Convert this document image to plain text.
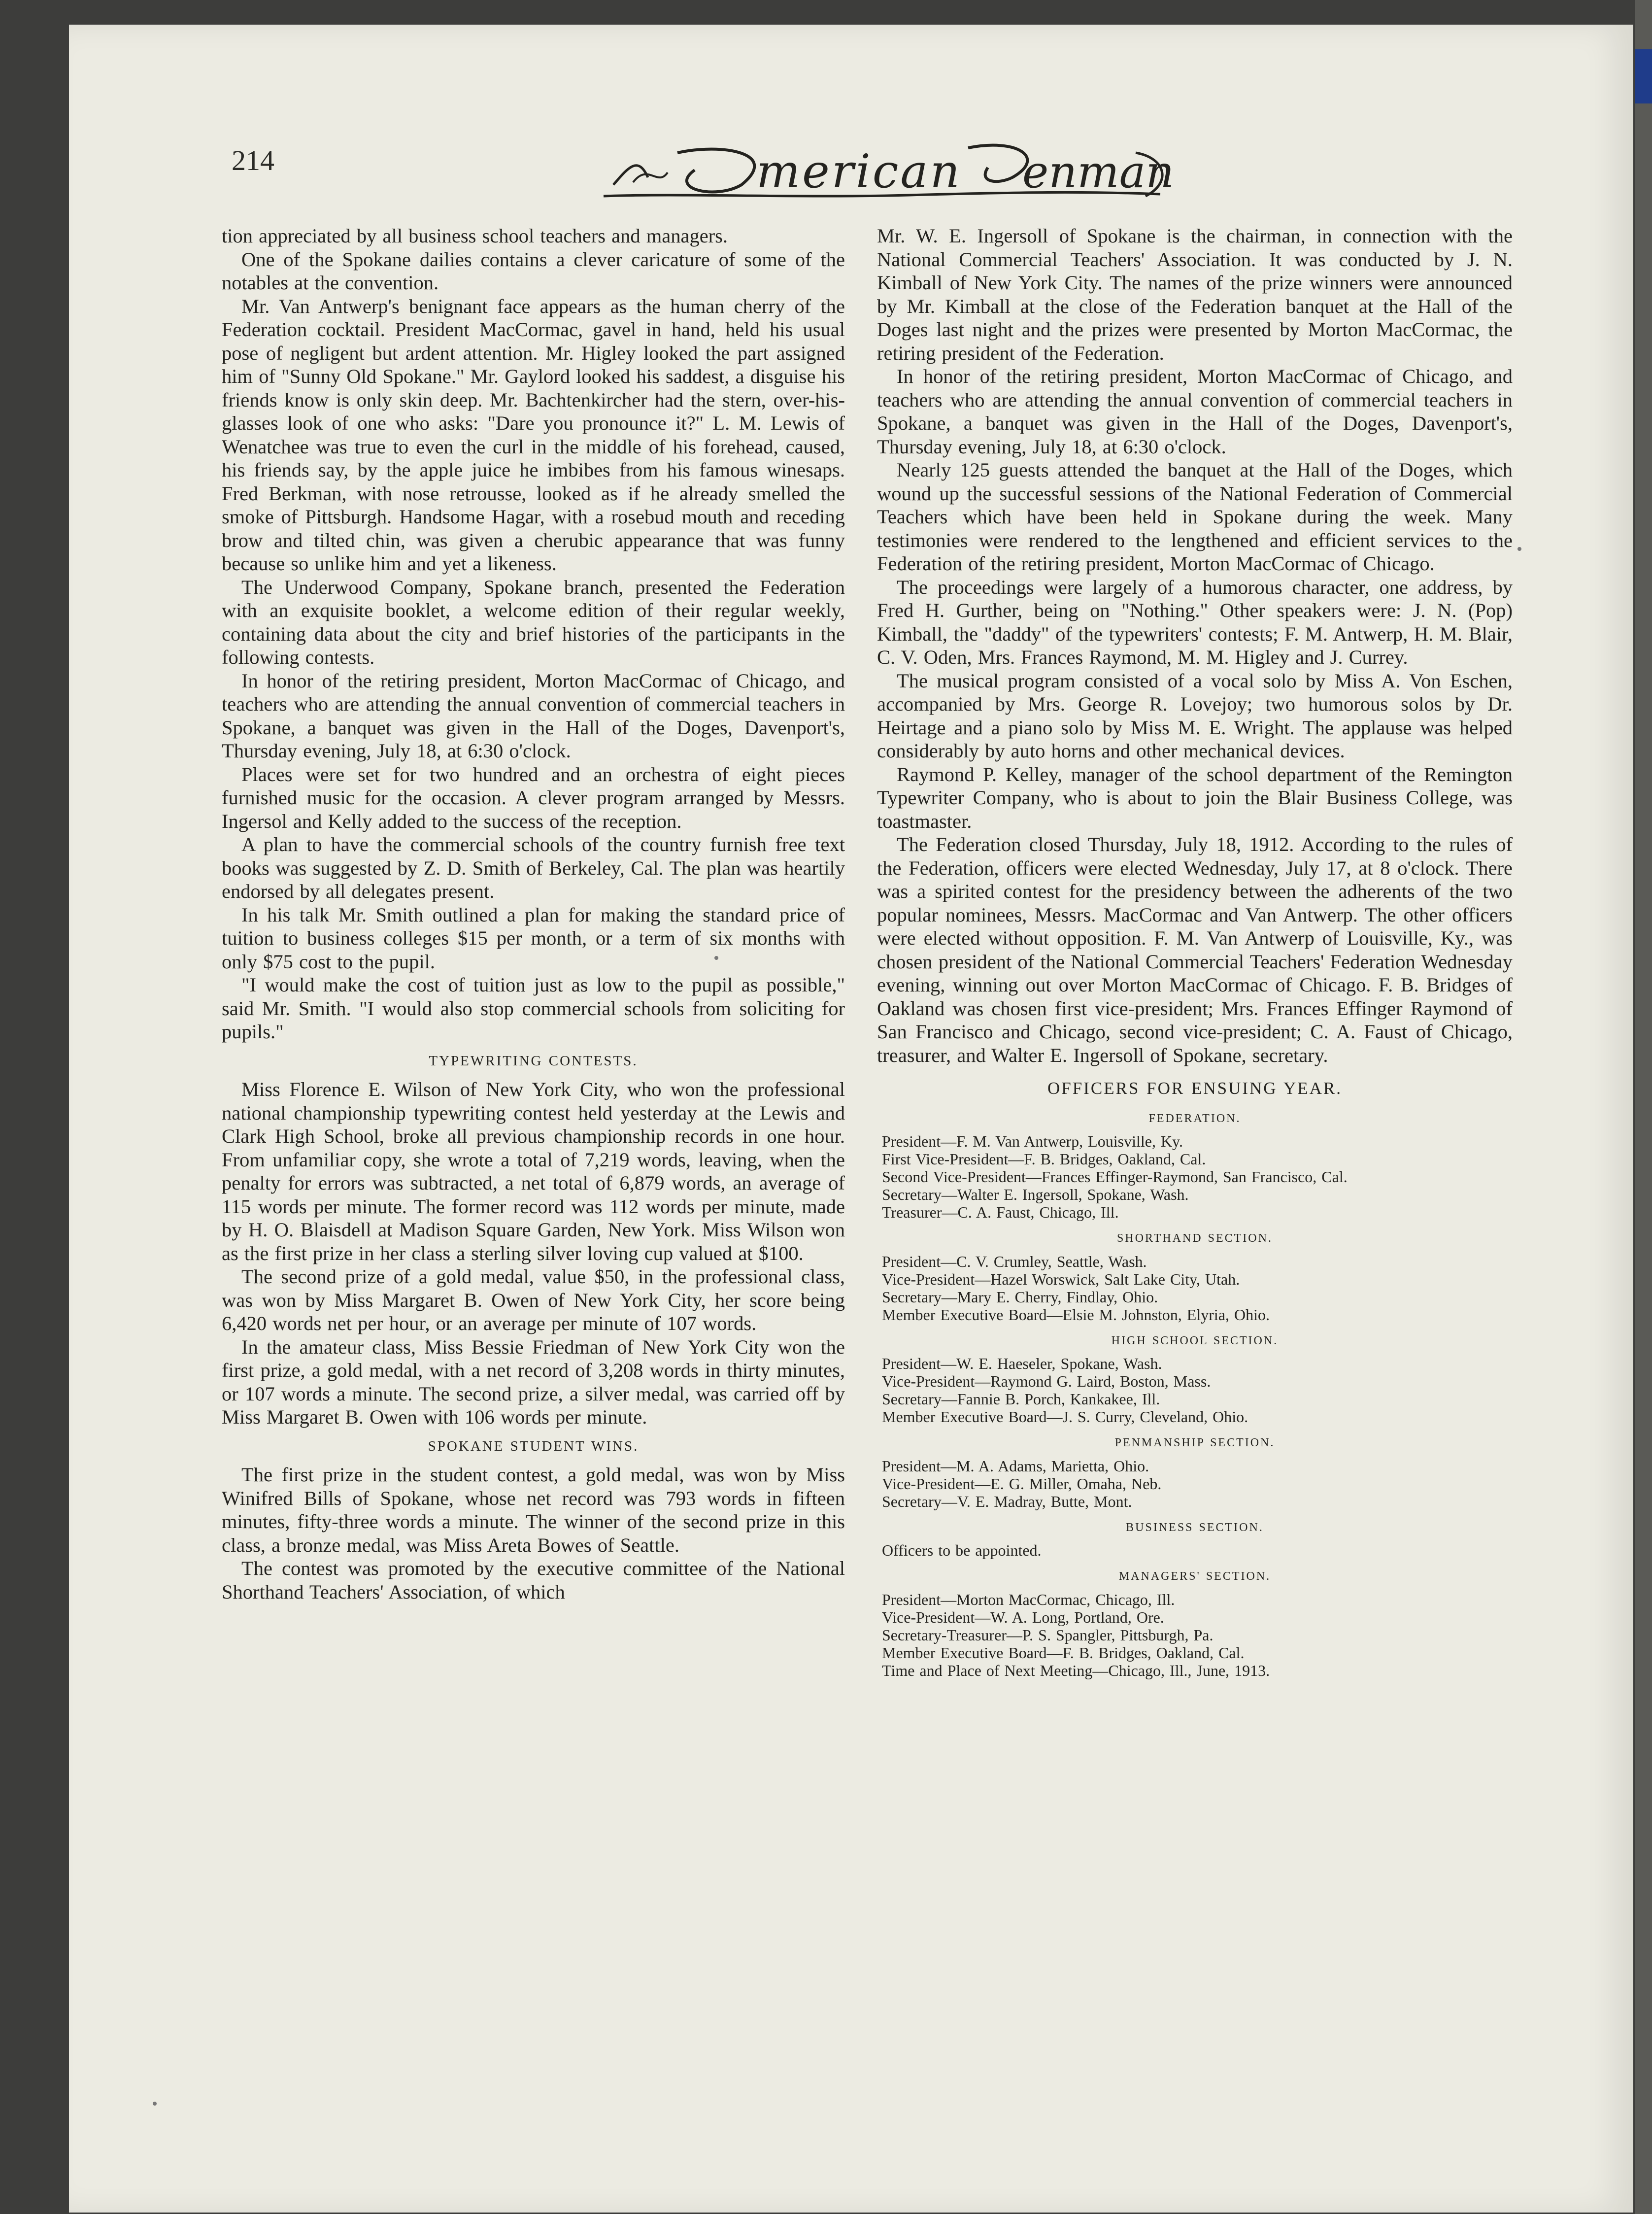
214	merican enman

tion appreciated by all business school teachers and managers.

One of the Spokane dailies contains a clever caricature of some of the notables at the convention.

Mr. Van Antwerp's benignant face appears as the human cherry of the Federation cocktail. President MacCormac, gavel in hand, held his usual pose of negligent but ardent attention. Mr. Higley looked the part assigned him of "Sunny Old Spokane." Mr. Gaylord looked his saddest, a disguise his friends know is only skin deep. Mr. Bachtenkircher had the stern, over-his-glasses look of one who asks: "Dare you pronounce it?" L. M. Lewis of Wenatchee was true to even the curl in the middle of his forehead, caused, his friends say, by the apple juice he imbibes from his famous winesaps. Fred Berkman, with nose retrousse, looked as if he already smelled the smoke of Pittsburgh. Handsome Hagar, with a rosebud mouth and receding brow and tilted chin, was given a cherubic appearance that was funny because so unlike him and yet a likeness.

The Underwood Company, Spokane branch, presented the Federation with an exquisite booklet, a welcome edition of their regular weekly, containing data about the city and brief histories of the participants in the following contests.

In honor of the retiring president, Morton MacCormac of Chicago, and teachers who are attending the annual convention of commercial teachers in Spokane, a banquet was given in the Hall of the Doges, Davenport's, Thursday evening, July 18, at 6:30 o'clock.

Places were set for two hundred and an orchestra of eight pieces furnished music for the occasion. A clever program arranged by Messrs. Ingersol and Kelly added to the success of the reception.

A plan to have the commercial schools of the country furnish free text books was suggested by Z. D. Smith of Berkeley, Cal. The plan was heartily endorsed by all delegates present.

In his talk Mr. Smith outlined a plan for making the standard price of tuition to business colleges $15 per month, or a term of six months with only $75 cost to the pupil.

"I would make the cost of tuition just as low to the pupil as possible," said Mr. Smith. "I would also stop commercial schools from soliciting for pupils."

TYPEWRITING CONTESTS.

Miss Florence E. Wilson of New York City, who won the professional national championship typewriting contest held yesterday at the Lewis and Clark High School, broke all previous championship records in one hour. From unfamiliar copy, she wrote a total of 7,219 words, leaving, when the penalty for errors was subtracted, a net total of 6,879 words, an average of 115 words per minute. The former record was 112 words per minute, made by H. O. Blaisdell at Madison Square Garden, New York. Miss Wilson won as the first prize in her class a sterling silver loving cup valued at $100.

The second prize of a gold medal, value $50, in the professional class, was won by Miss Margaret B. Owen of New York City, her score being 6,420 words net per hour, or an average per minute of 107 words.

In the amateur class, Miss Bessie Friedman of New York City won the first prize, a gold medal, with a net record of 3,208 words in thirty minutes, or 107 words a minute. The second prize, a silver medal, was carried off by Miss Margaret B. Owen with 106 words per minute.

SPOKANE STUDENT WINS.

The first prize in the student contest, a gold medal, was won by Miss Winifred Bills of Spokane, whose net record was 793 words in fifteen minutes, fifty-three words a minute. The winner of the second prize in this class, a bronze medal, was Miss Areta Bowes of Seattle.

The contest was promoted by the executive committee of the National Shorthand Teachers' Association, of which

Mr. W. E. Ingersoll of Spokane is the chairman, in connection with the National Commercial Teachers' Association. It was conducted by J. N. Kimball of New York City. The names of the prize winners were announced by Mr. Kimball at the close of the Federation banquet at the Hall of the Doges last night and the prizes were presented by Morton MacCormac, the retiring president of the Federation.

In honor of the retiring president, Morton MacCormac of Chicago, and teachers who are attending the annual convention of commercial teachers in Spokane, a banquet was given in the Hall of the Doges, Davenport's, Thursday evening, July 18, at 6:30 o'clock.

Nearly 125 guests attended the banquet at the Hall of the Doges, which wound up the successful sessions of the National Federation of Commercial Teachers which have been held in Spokane during the week. Many testimonies were rendered to the lengthened and efficient services to the Federation of the retiring president, Morton MacCormac of Chicago.

The proceedings were largely of a humorous character, one address, by Fred H. Gurther, being on "Nothing." Other speakers were: J. N. (Pop) Kimball, the "daddy" of the typewriters' contests; F. M. Antwerp, H. M. Blair, C. V. Oden, Mrs. Frances Raymond, M. M. Higley and J. Currey.

The musical program consisted of a vocal solo by Miss A. Von Eschen, accompanied by Mrs. George R. Lovejoy; two humorous solos by Dr. Heirtage and a piano solo by Miss M. E. Wright. The applause was helped considerably by auto horns and other mechanical devices.

Raymond P. Kelley, manager of the school department of the Remington Typewriter Company, who is about to join the Blair Business College, was toastmaster.

The Federation closed Thursday, July 18, 1912. According to the rules of the Federation, officers were elected Wednesday, July 17, at 8 o'clock. There was a spirited contest for the presidency between the adherents of the two popular nominees, Messrs. MacCormac and Van Antwerp. The other officers were elected without opposition. F. M. Van Antwerp of Louisville, Ky., was chosen president of the National Commercial Teachers' Federation Wednesday evening, winning out over Morton MacCormac of Chicago. F. B. Bridges of Oakland was chosen first vice-president; Mrs. Frances Effinger Raymond of San Francisco and Chicago, second vice-president; C. A. Faust of Chicago, treasurer, and Walter E. Ingersoll of Spokane, secretary.

OFFICERS FOR ENSUING YEAR.
FEDERATION.
President—F. M. Van Antwerp, Louisville, Ky.
First Vice-President—F. B. Bridges, Oakland, Cal.
Second Vice-President—Frances Effinger-Raymond, San Francisco, Cal.
Secretary—Walter E. Ingersoll, Spokane, Wash.
Treasurer—C. A. Faust, Chicago, Ill.
SHORTHAND SECTION.
President—C. V. Crumley, Seattle, Wash.
Vice-President—Hazel Worswick, Salt Lake City, Utah.
Secretary—Mary E. Cherry, Findlay, Ohio.
Member Executive Board—Elsie M. Johnston, Elyria, Ohio.
HIGH SCHOOL SECTION.
President—W. E. Haeseler, Spokane, Wash.
Vice-President—Raymond G. Laird, Boston, Mass.
Secretary—Fannie B. Porch, Kankakee, Ill.
Member Executive Board—J. S. Curry, Cleveland, Ohio.
PENMANSHIP SECTION.
President—M. A. Adams, Marietta, Ohio.
Vice-President—E. G. Miller, Omaha, Neb.
Secretary—V. E. Madray, Butte, Mont.
BUSINESS SECTION.
Officers to be appointed.
MANAGERS' SECTION.
President—Morton MacCormac, Chicago, Ill.
Vice-President—W. A. Long, Portland, Ore.
Secretary-Treasurer—P. S. Spangler, Pittsburgh, Pa.
Member Executive Board—F. B. Bridges, Oakland, Cal.
Time and Place of Next Meeting—Chicago, Ill., June, 1913.
